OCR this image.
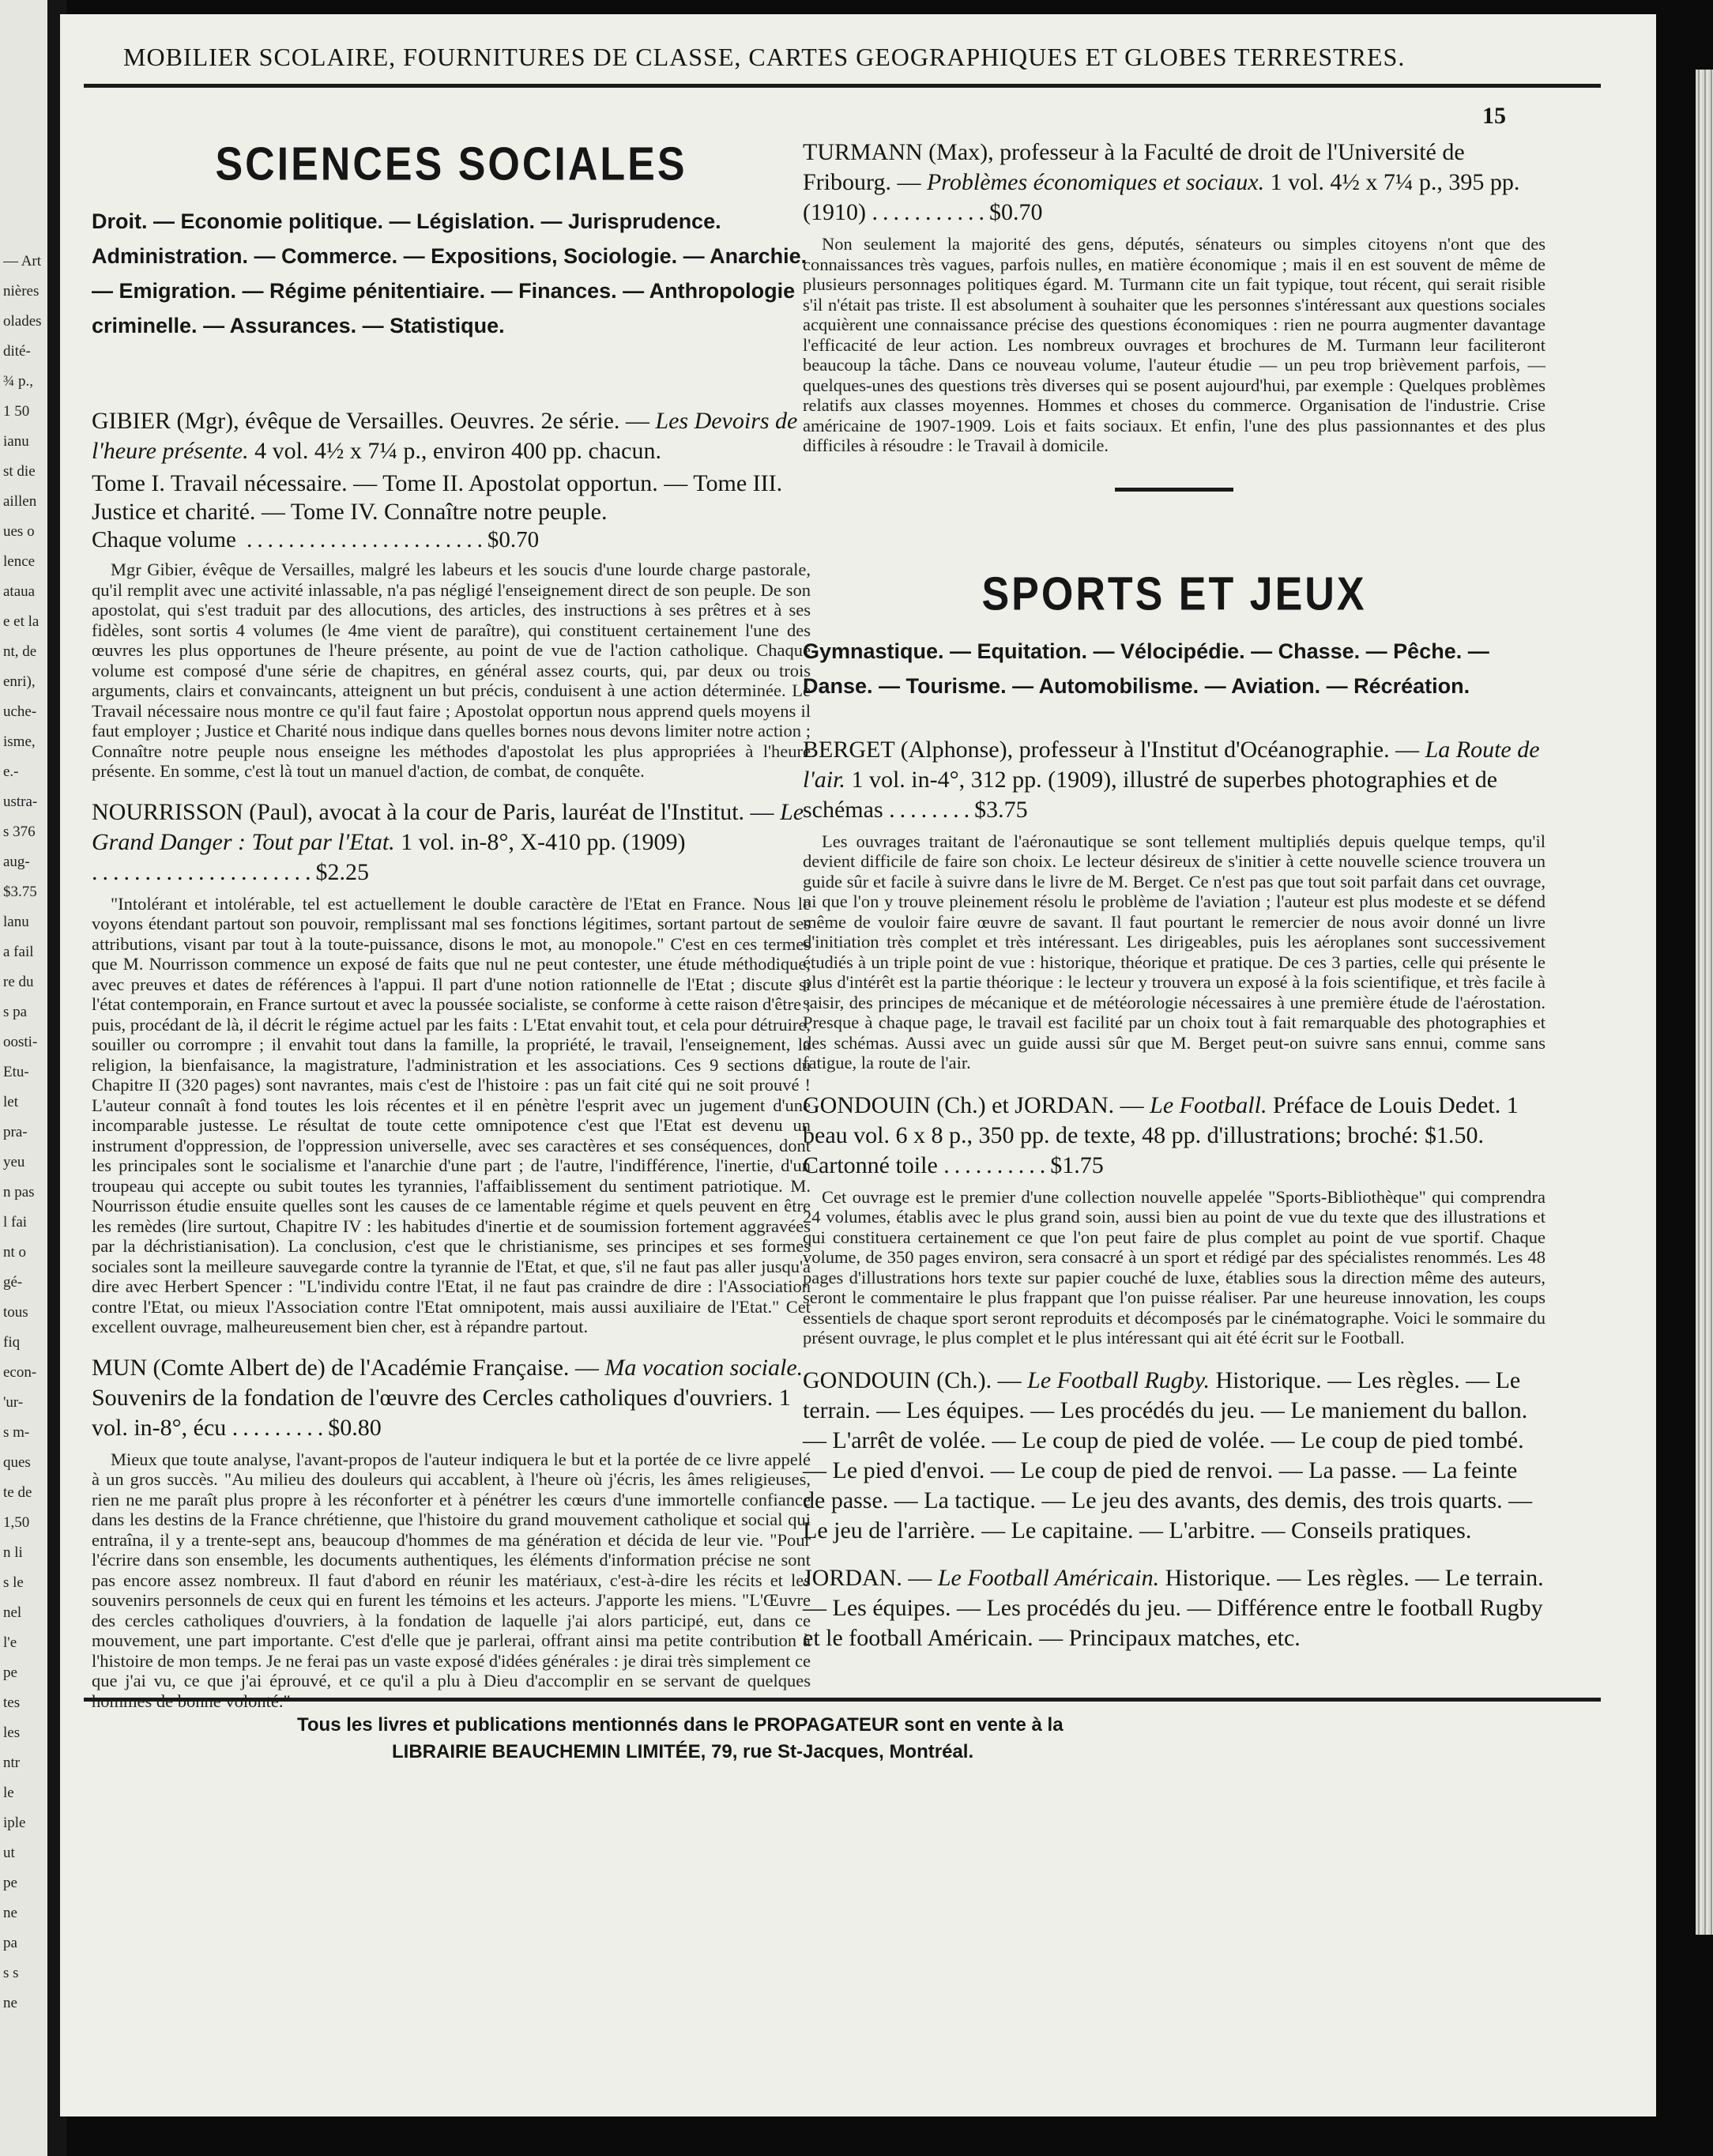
— Art
nières
olades
dité-
¾ p.,
1 50
ianu
st die
aillen
ues o
lence
ataua
e et la
nt, de
enri),
uche-
isme,
e.-
ustra-
s 376
aug-
$3.75
lanu
a fail
re du
s pa
oosti-
Etu-
let
pra-
yeu
n pas
l fai
nt o
gé-
tous
fiq
econ-
'ur-
s m-
ques
te de
1,50
n li
s le
nel
l'e
pe
tes
les
ntr
le
iple
ut
pe
ne
pa
s s
ne
MOBILIER SCOLAIRE, FOURNITURES DE CLASSE, CARTES GEOGRAPHIQUES ET GLOBES TERRESTRES.
15
SCIENCES SOCIALES

Droit. — Economie politique. — Législation. — Jurisprudence. Administration. — Commerce. — Expositions, Sociologie. — Anarchie. — Emigration. — Régime pénitentiaire. — Finances. — Anthropologie criminelle. — Assurances. — Statistique.

GIBIER (Mgr), évêque de Versailles. Oeuvres. 2e série. — Les Devoirs de l'heure présente. 4 vol. 4½ x 7¼ p., environ 400 pp. chacun.

Tome I. Travail nécessaire. — Tome II. Apostolat opportun. — Tome III. Justice et charité. — Tome IV. Connaître notre peuple.

Chaque volume .......................$0.70

Mgr Gibier, évêque de Versailles, malgré les labeurs et les soucis d'une lourde charge pastorale, qu'il remplit avec une activité inlassable, n'a pas négligé l'enseignement direct de son peuple. De son apostolat, qui s'est traduit par des allocutions, des articles, des instructions à ses prêtres et à ses fidèles, sont sortis 4 volumes (le 4me vient de paraître), qui constituent certainement l'une des œuvres les plus opportunes de l'heure présente, au point de vue de l'action catholique. Chaque volume est composé d'une série de chapitres, en général assez courts, qui, par deux ou trois arguments, clairs et convaincants, atteignent un but précis, conduisent à une action déterminée. Le Travail nécessaire nous montre ce qu'il faut faire ; Apostolat opportun nous apprend quels moyens il faut employer ; Justice et Charité nous indique dans quelles bornes nous devons limiter notre action ; Connaître notre peuple nous enseigne les méthodes d'apostolat les plus appropriées à l'heure présente. En somme, c'est là tout un manuel d'action, de combat, de conquête.

NOURRISSON (Paul), avocat à la cour de Paris, lauréat de l'Institut. — Le Grand Danger : Tout par l'Etat. 1 vol. in-8°, X-410 pp. (1909) .....................$2.25

"Intolérant et intolérable, tel est actuellement le double caractère de l'Etat en France. Nous le voyons étendant partout son pouvoir, remplissant mal ses fonctions légitimes, sortant partout de ses attributions, visant par tout à la toute-puissance, disons le mot, au monopole." C'est en ces termes que M. Nourrisson commence un exposé de faits que nul ne peut contester, une étude méthodique, avec preuves et dates de références à l'appui. Il part d'une notion rationnelle de l'Etat ; discute si l'état contemporain, en France surtout et avec la poussée socialiste, se conforme à cette raison d'être ; puis, procédant de là, il décrit le régime actuel par les faits : L'Etat envahit tout, et cela pour détruire, souiller ou corrompre ; il envahit tout dans la famille, la propriété, le travail, l'enseignement, la religion, la bienfaisance, la magistrature, l'administration et les associations. Ces 9 sections du Chapitre II (320 pages) sont navrantes, mais c'est de l'histoire : pas un fait cité qui ne soit prouvé ! L'auteur connaît à fond toutes les lois récentes et il en pénètre l'esprit avec un jugement d'une incomparable justesse. Le résultat de toute cette omnipotence c'est que l'Etat est devenu un instrument d'oppression, de l'oppression universelle, avec ses caractères et ses conséquences, dont les principales sont le socialisme et l'anarchie d'une part ; de l'autre, l'indifférence, l'inertie, d'un troupeau qui accepte ou subit toutes les tyrannies, l'affaiblissement du sentiment patriotique. M. Nourrisson étudie ensuite quelles sont les causes de ce lamentable régime et quels peuvent en être les remèdes (lire surtout, Chapitre IV : les habitudes d'inertie et de soumission fortement aggravées par la déchristianisation). La conclusion, c'est que le christianisme, ses principes et ses formes sociales sont la meilleure sauvegarde contre la tyrannie de l'Etat, et que, s'il ne faut pas aller jusqu'à dire avec Herbert Spencer : "L'individu contre l'Etat, il ne faut pas craindre de dire : l'Association contre l'Etat, ou mieux l'Association contre l'Etat omnipotent, mais aussi auxiliaire de l'Etat." Cet excellent ouvrage, malheureusement bien cher, est à répandre partout.

MUN (Comte Albert de) de l'Académie Française. — Ma vocation sociale. Souvenirs de la fondation de l'œuvre des Cercles catholiques d'ouvriers. 1 vol. in-8°, écu .........$0.80

Mieux que toute analyse, l'avant-propos de l'auteur indiquera le but et la portée de ce livre appelé à un gros succès. "Au milieu des douleurs qui accablent, à l'heure où j'écris, les âmes religieuses, rien ne me paraît plus propre à les réconforter et à pénétrer les cœurs d'une immortelle confiance dans les destins de la France chrétienne, que l'histoire du grand mouvement catholique et social qui entraîna, il y a trente-sept ans, beaucoup d'hommes de ma génération et décida de leur vie. "Pour l'écrire dans son ensemble, les documents authentiques, les éléments d'information précise ne sont pas encore assez nombreux. Il faut d'abord en réunir les matériaux, c'est-à-dire les récits et les souvenirs personnels de ceux qui en furent les témoins et les acteurs. J'apporte les miens. "L'Œuvre des cercles catholiques d'ouvriers, à la fondation de laquelle j'ai alors participé, eut, dans ce mouvement, une part importante. C'est d'elle que je parlerai, offrant ainsi ma petite contribution à l'histoire de mon temps. Je ne ferai pas un vaste exposé d'idées générales : je dirai très simplement ce que j'ai vu, ce que j'ai éprouvé, et ce qu'il a plu à Dieu d'accomplir en se servant de quelques hommes de bonne volonté."

TURMANN (Max), professeur à la Faculté de droit de l'Université de Fribourg. — Problèmes économiques et sociaux. 1 vol. 4½ x 7¼ p., 395 pp. (1910) ...........$0.70

Non seulement la majorité des gens, députés, sénateurs ou simples citoyens n'ont que des connaissances très vagues, parfois nulles, en matière économique ; mais il en est souvent de même de plusieurs personnages politiques égard. M. Turmann cite un fait typique, tout récent, qui serait risible s'il n'était pas triste. Il est absolument à souhaiter que les personnes s'intéressant aux questions sociales acquièrent une connaissance précise des questions économiques : rien ne pourra augmenter davantage l'efficacité de leur action. Les nombreux ouvrages et brochures de M. Turmann leur faciliteront beaucoup la tâche. Dans ce nouveau volume, l'auteur étudie — un peu trop brièvement parfois, — quelques-unes des questions très diverses qui se posent aujourd'hui, par exemple : Quelques problèmes relatifs aux classes moyennes. Hommes et choses du commerce. Organisation de l'industrie. Crise américaine de 1907-1909. Lois et faits sociaux. Et enfin, l'une des plus passionnantes et des plus difficiles à résoudre : le Travail à domicile.

SPORTS ET JEUX

Gymnastique. — Equitation. — Vélocipédie. — Chasse. — Pêche. — Danse. — Tourisme. — Automobilisme. — Aviation. — Récréation.

BERGET (Alphonse), professeur à l'Institut d'Océanographie. — La Route de l'air. 1 vol. in-4°, 312 pp. (1909), illustré de superbes photographies et de schémas ........$3.75

Les ouvrages traitant de l'aéronautique se sont tellement multipliés depuis quelque temps, qu'il devient difficile de faire son choix. Le lecteur désireux de s'initier à cette nouvelle science trouvera un guide sûr et facile à suivre dans le livre de M. Berget. Ce n'est pas que tout soit parfait dans cet ouvrage, ni que l'on y trouve pleinement résolu le problème de l'aviation ; l'auteur est plus modeste et se défend même de vouloir faire œuvre de savant. Il faut pourtant le remercier de nous avoir donné un livre d'initiation très complet et très intéressant. Les dirigeables, puis les aéroplanes sont successivement étudiés à un triple point de vue : historique, théorique et pratique. De ces 3 parties, celle qui présente le plus d'intérêt est la partie théorique : le lecteur y trouvera un exposé à la fois scientifique, et très facile à saisir, des principes de mécanique et de météorologie nécessaires à une première étude de l'aérostation. Presque à chaque page, le travail est facilité par un choix tout à fait remarquable des photographies et des schémas. Aussi avec un guide aussi sûr que M. Berget peut-on suivre sans ennui, comme sans fatigue, la route de l'air.

GONDOUIN (Ch.) et JORDAN. — Le Football. Préface de Louis Dedet. 1 beau vol. 6 x 8 p., 350 pp. de texte, 48 pp. d'illustrations; broché: $1.50. Cartonné toile ..........$1.75

Cet ouvrage est le premier d'une collection nouvelle appelée "Sports-Bibliothèque" qui comprendra 24 volumes, établis avec le plus grand soin, aussi bien au point de vue du texte que des illustrations et qui constituera certainement ce que l'on peut faire de plus complet au point de vue sportif. Chaque volume, de 350 pages environ, sera consacré à un sport et rédigé par des spécialistes renommés. Les 48 pages d'illustrations hors texte sur papier couché de luxe, établies sous la direction même des auteurs, seront le commentaire le plus frappant que l'on puisse réaliser. Par une heureuse innovation, les coups essentiels de chaque sport seront reproduits et décomposés par le cinématographe. Voici le sommaire du présent ouvrage, le plus complet et le plus intéressant qui ait été écrit sur le Football.

GONDOUIN (Ch.). — Le Football Rugby. Historique. — Les règles. — Le terrain. — Les équipes. — Les procédés du jeu. — Le maniement du ballon. — L'arrêt de volée. — Le coup de pied de volée. — Le coup de pied tombé. — Le pied d'envoi. — Le coup de pied de renvoi. — La passe. — La feinte de passe. — La tactique. — Le jeu des avants, des demis, des trois quarts. — Le jeu de l'arrière. — Le capitaine. — L'arbitre. — Conseils pratiques.

JORDAN. — Le Football Américain. Historique. — Les règles. — Le terrain. — Les équipes. — Les procédés du jeu. — Différence entre le football Rugby et le football Américain. — Principaux matches, etc.

Tous les livres et publications mentionnés dans le PROPAGATEUR sont en vente à la
LIBRAIRIE BEAUCHEMIN LIMITÉE, 79, rue St-Jacques, Montréal.
